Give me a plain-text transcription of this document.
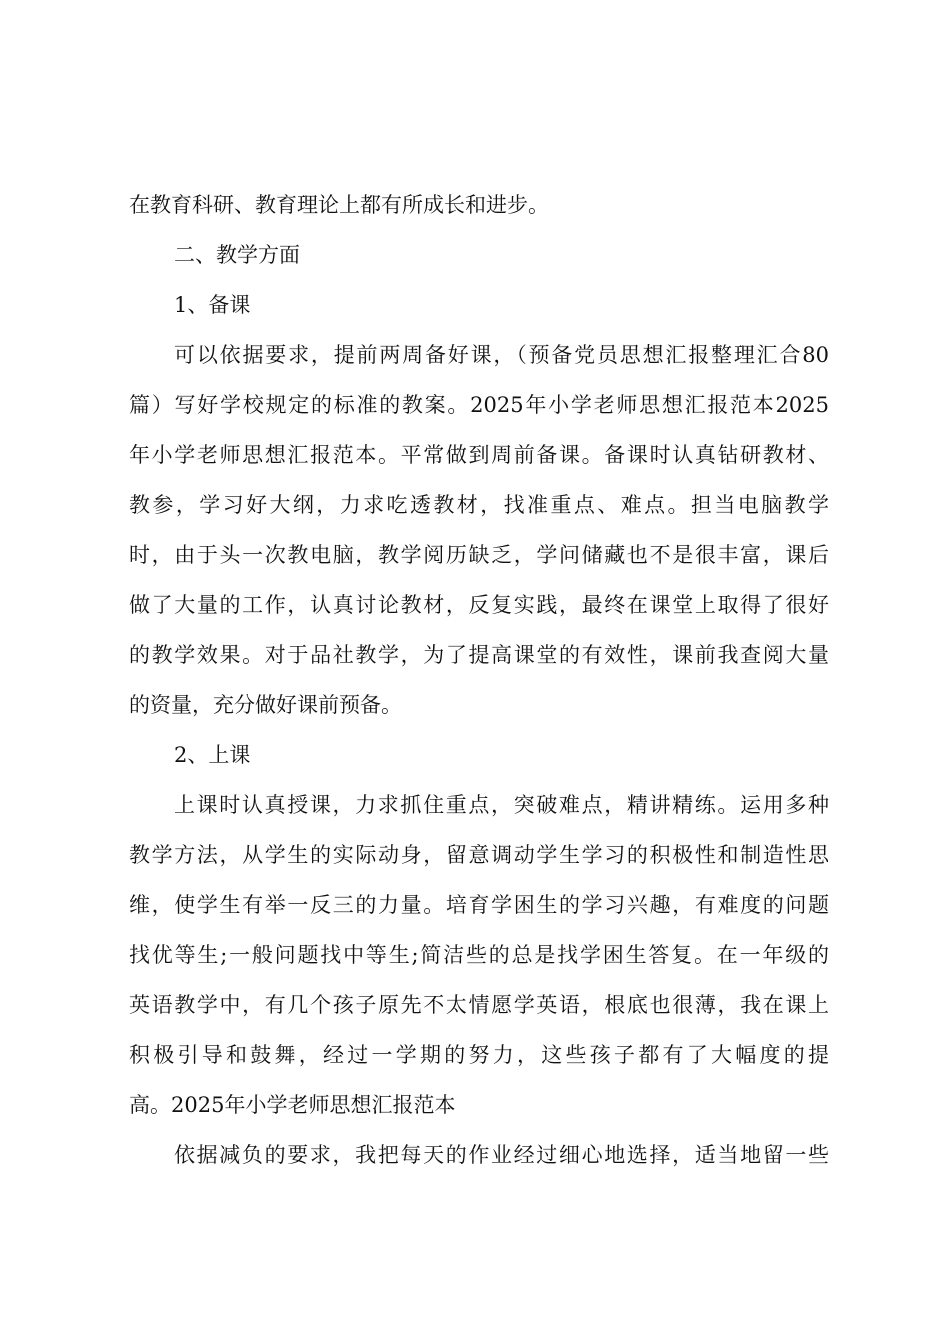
在教育科研、教育理论上都有所成长和进步。
二、教学方面
1、备课
可以依据要求，提前两周备好课，（预备党员思想汇报整理汇合80
篇）写好学校规定的标准的教案。2025年小学老师思想汇报范本2025
年小学老师思想汇报范本。平常做到周前备课。备课时认真钻研教材、
教参，学习好大纲，力求吃透教材，找准重点、难点。担当电脑教学
时，由于头一次教电脑，教学阅历缺乏，学问储藏也不是很丰富，课后
做了大量的工作，认真讨论教材，反复实践，最终在课堂上取得了很好
的教学效果。对于品社教学，为了提高课堂的有效性，课前我查阅大量
的资量，充分做好课前预备。
2、上课
上课时认真授课，力求抓住重点，突破难点，精讲精练。运用多种
教学方法，从学生的实际动身，留意调动学生学习的积极性和制造性思
维，使学生有举一反三的力量。培育学困生的学习兴趣，有难度的问题
找优等生;一般问题找中等生;简洁些的总是找学困生答复。在一年级的
英语教学中，有几个孩子原先不太情愿学英语，根底也很薄，我在课上
积极引导和鼓舞，经过一学期的努力，这些孩子都有了大幅度的提
高。2025年小学老师思想汇报范本
依据减负的要求，我把每天的作业经过细心地选择，适当地留一些
